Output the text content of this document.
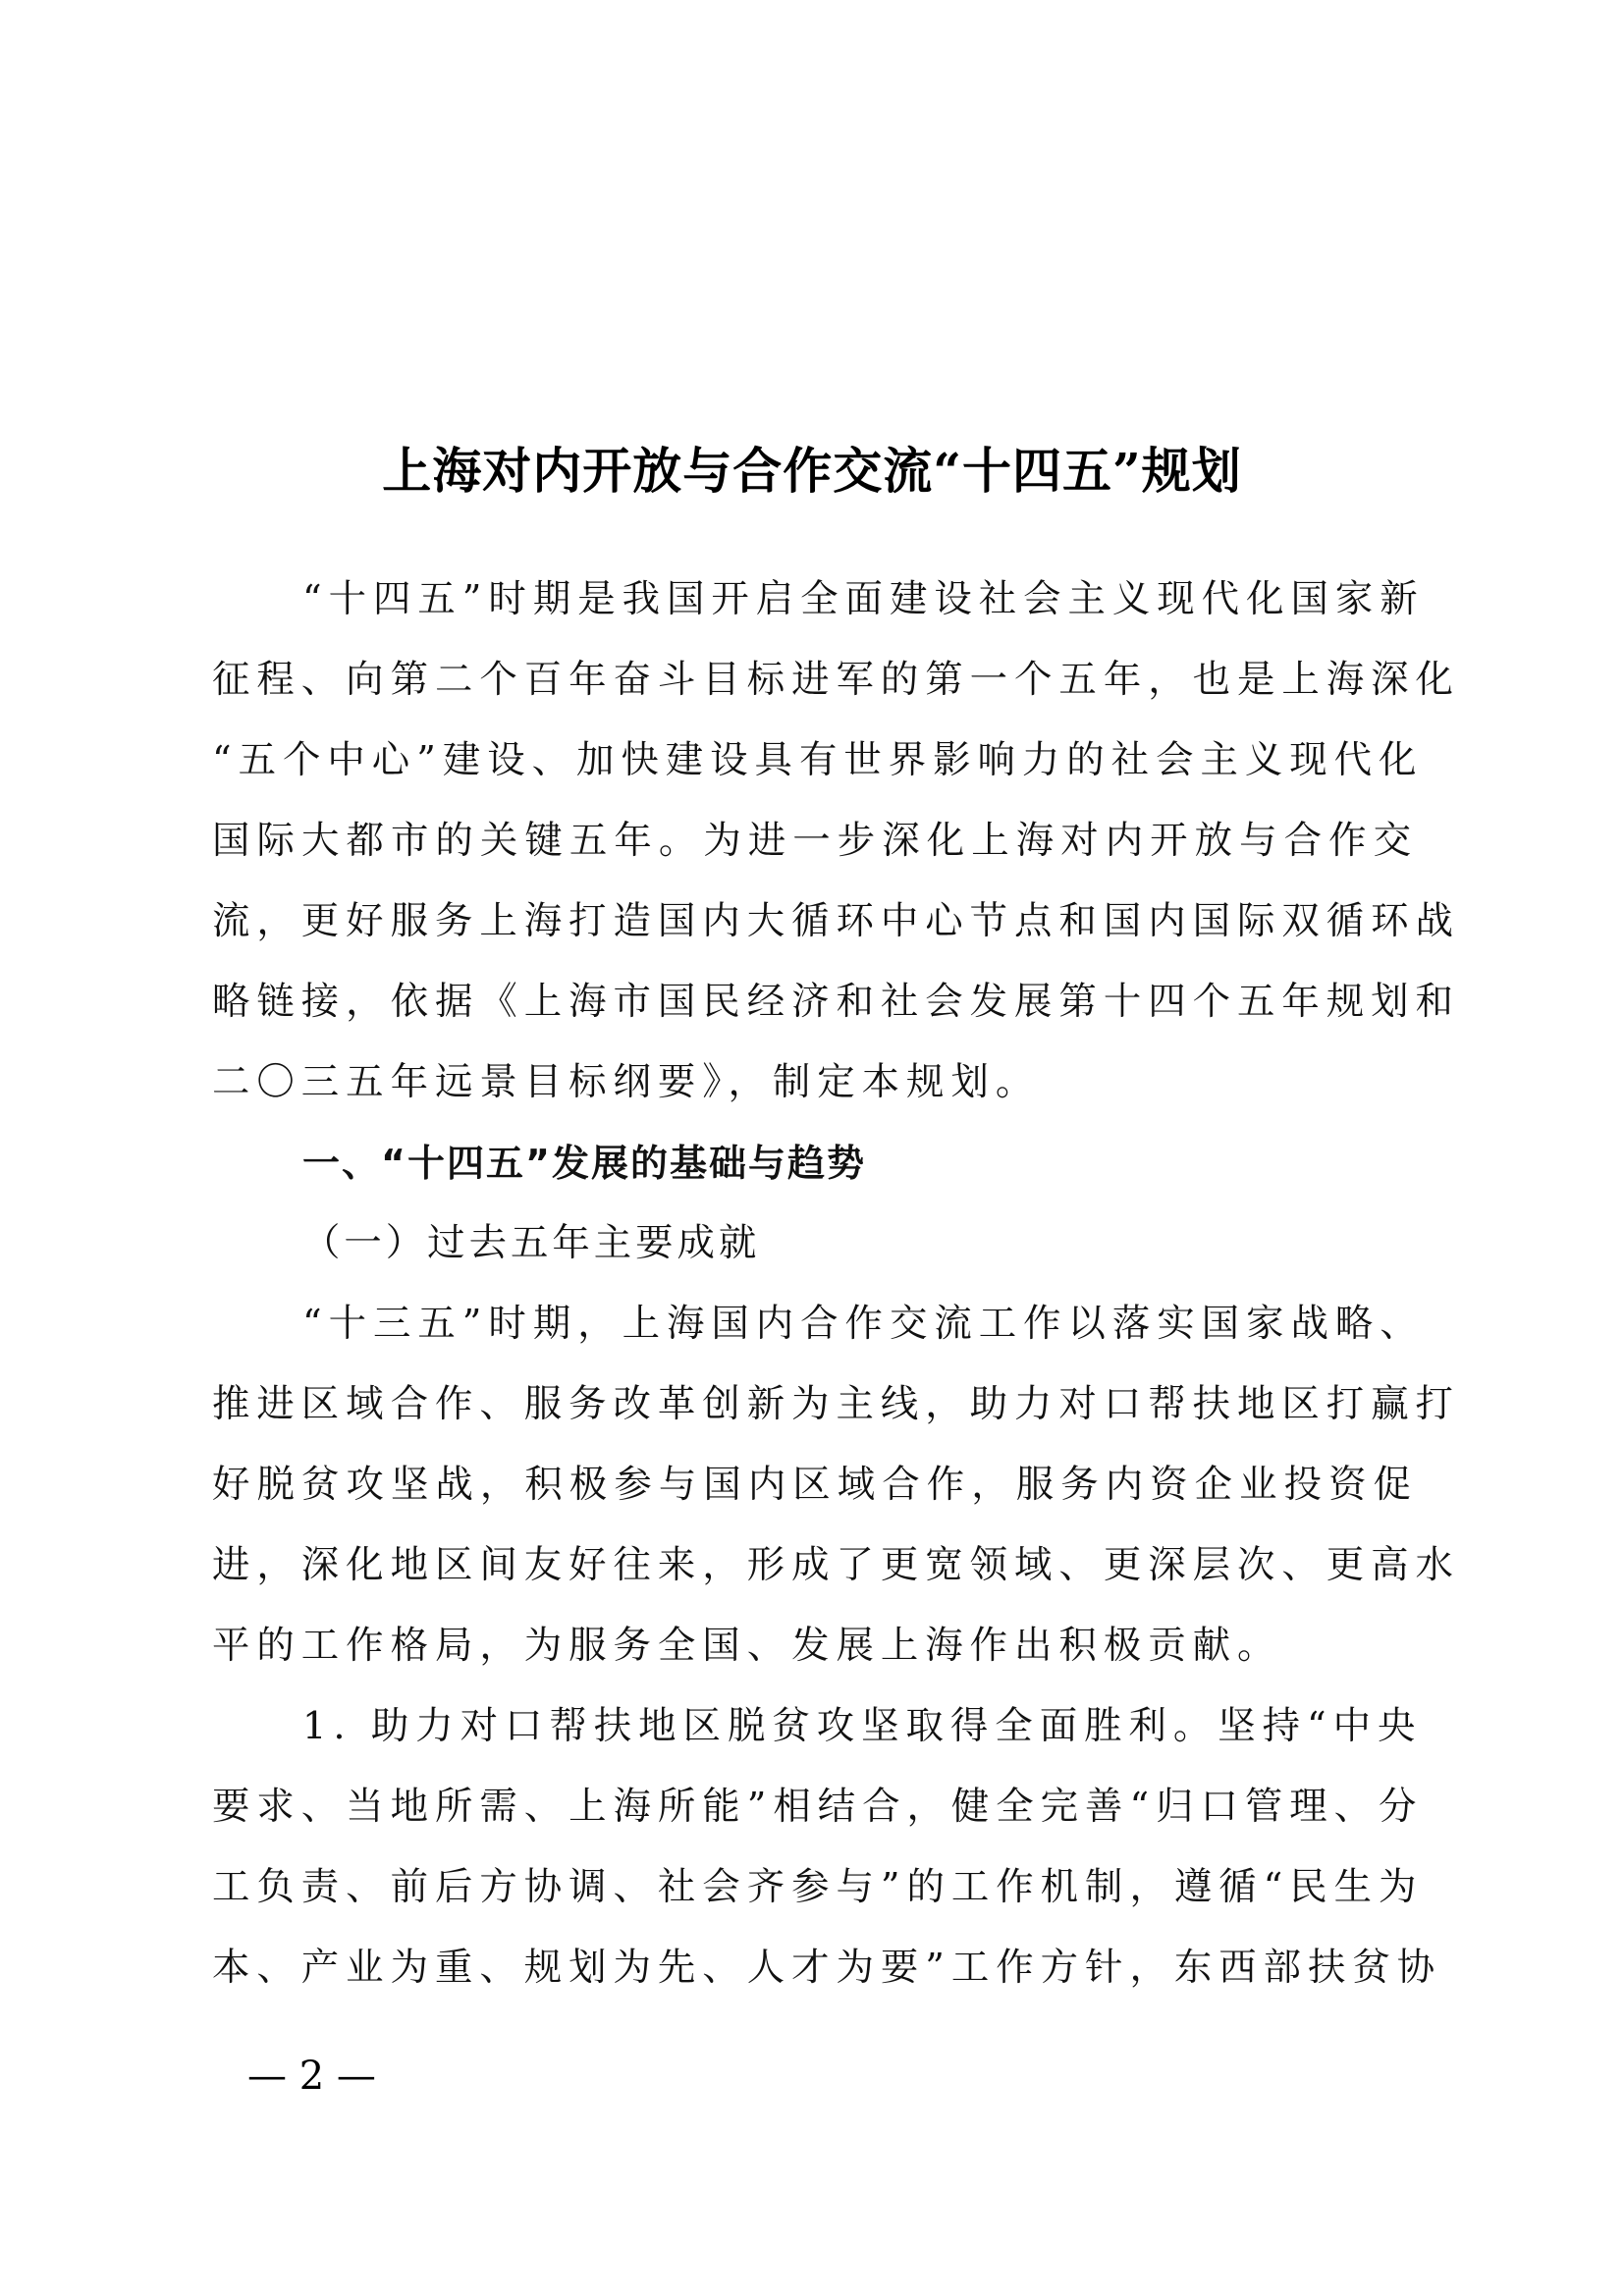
上海对内开放与合作交流“十四五”规划
“十四五”时期是我国开启全面建设社会主义现代化国家新
征程、向第二个百年奋斗目标进军的第一个五年，也是上海深化
“五个中心”建设、加快建设具有世界影响力的社会主义现代化
国际大都市的关键五年。为进一步深化上海对内开放与合作交
流，更好服务上海打造国内大循环中心节点和国内国际双循环战
略链接，依据《上海市国民经济和社会发展第十四个五年规划和
二〇三五年远景目标纲要》，制定本规划。
一、“十四五”发展的基础与趋势
（一）过去五年主要成就
“十三五”时期，上海国内合作交流工作以落实国家战略、
推进区域合作、服务改革创新为主线，助力对口帮扶地区打赢打
好脱贫攻坚战，积极参与国内区域合作，服务内资企业投资促
进，深化地区间友好往来，形成了更宽领域、更深层次、更高水
平的工作格局，为服务全国、发展上海作出积极贡献。
1. 助力对口帮扶地区脱贫攻坚取得全面胜利。坚持“中央
要求、当地所需、上海所能”相结合，健全完善“归口管理、分
工负责、前后方协调、社会齐参与”的工作机制，遵循“民生为
本、产业为重、规划为先、人才为要”工作方针，东西部扶贫协
— 2 —
